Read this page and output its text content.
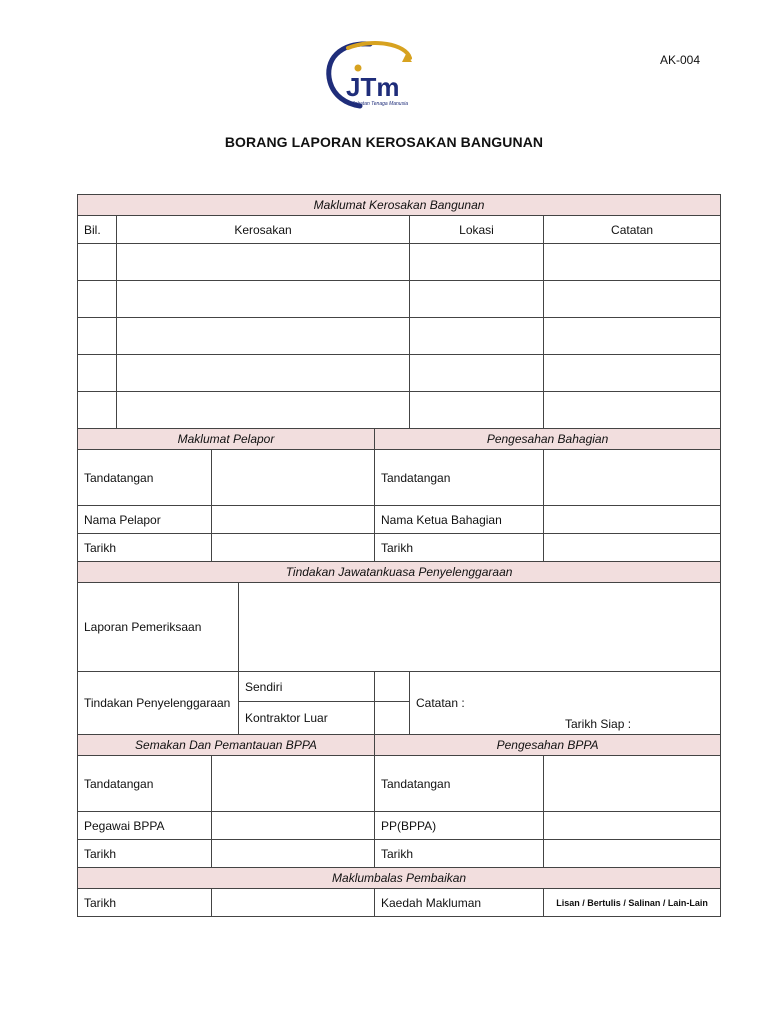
JTm
Jabatan Tenaga Manusia
AK-004
BORANG LAPORAN KEROSAKAN BANGUNAN
Maklumat Kerosakan Bangunan						
Bil.	Kerosakan				Lokasi	Catatan

Maklumat Pelapor				Pengesahan Bahagian		
Tandatangan				Tandatangan		
Nama Pelapor				Nama Ketua Bahagian		
Tarikh				Tarikh		
Tindakan Jawatankuasa Penyelenggaraan						
Laporan Pemeriksaan						
Tindakan Penyelenggaraan			Sendiri		Catatan :
Tarikh Siap :	

			Kontraktor Luar			
Semakan Dan Pemantauan BPPA				Pengesahan BPPA		
Tandatangan				Tandatangan		
Pegawai BPPA				PP(BPPA)		
Tarikh				Tarikh		
Maklumbalas Pembaikan						
Tarikh				Kaedah Makluman		Lisan / Bertulis / Salinan / Lain-Lain
